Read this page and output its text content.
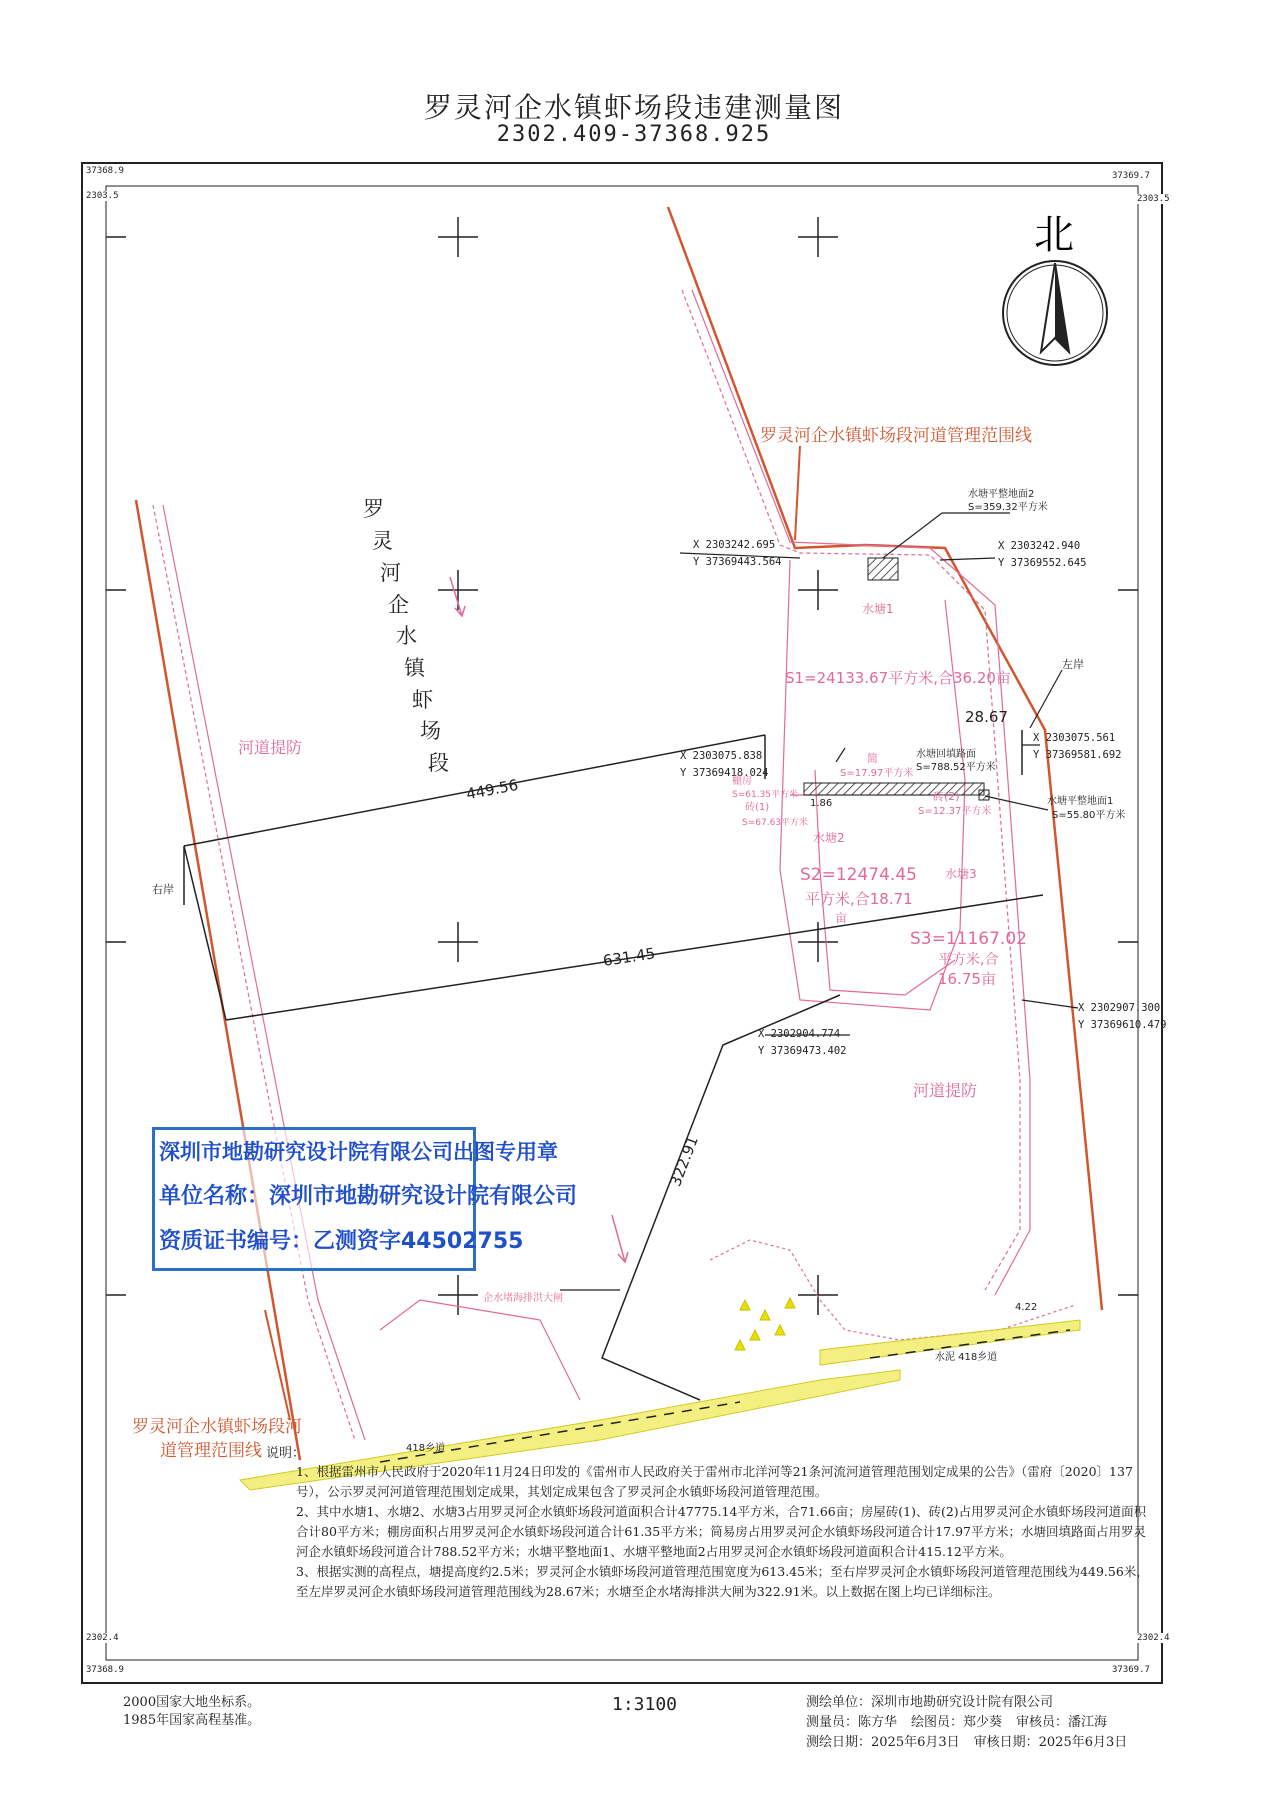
罗灵河企水镇虾场段违建测量图
2302.409-37368.925
北
X 2303242.695
Y 37369443.564
X 2303242.940
Y 37369552.645
X 2303075.838
Y 37369418.024
X 2303075.561
Y 37369581.692
X 2302904.774
Y 37369473.402
X 2302907.300
Y 37369610.479
449.56
631.45
322.91
28.67
水塘1
S1=24133.67平方米,合36.20亩
水塘2
S2=12474.45
平方米,合18.71
亩
水塘3
S3=11167.02
平方米,合
16.75亩
简
S=17.97平方米
砖(2)
S=12.37平方米
棚房
S=61.35平方米
砖(1)
S=67.63平方米
河道提防
河道提防
企水堵海排洪大闸
水塘平整地面2
S=359.32平方米
水塘回填路面
S=788.52平方米
水塘平整地面1
S=55.80平方米
1.86
4.22
右岸
左岸
418乡道
水泥 418乡道
罗灵河企水镇虾场段河道管理范围线
罗灵河企水镇虾场段河
道管理范围线
罗
灵
河
企
水
镇
虾
场
段
37368.9
2303.5
37369.7
2303.5
2302.4
37368.9
2302.4
37369.7
深圳市地勘研究设计院有限公司出图专用章
单位名称：深圳市地勘研究设计院有限公司
资质证书编号：乙测资字44502755
说明：
1、根据雷州市人民政府于2020年11月24日印发的《雷州市人民政府关于雷州市北洋河等21条河流河道管理范围划定成果的公告》（雷府〔2020〕137号），公示罗灵河河道管理范围划定成果，其划定成果包含了罗灵河企水镇虾场段河道管理范围。
2、其中水塘1、水塘2、水塘3占用罗灵河企水镇虾场段河道面积合计47775.14平方米，合71.66亩；房屋砖(1)、砖(2)占用罗灵河企水镇虾场段河道面积合计80平方米；棚房面积占用罗灵河企水镇虾场段河道合计61.35平方米；简易房占用罗灵河企水镇虾场段河道合计17.97平方米；水塘回填路面占用罗灵河企水镇虾场段河道合计788.52平方米；水塘平整地面1、水塘平整地面2占用罗灵河企水镇虾场段河道面积合计415.12平方米。
3、根据实测的高程点，塘提高度约2.5米；罗灵河企水镇虾场段河道管理范围宽度为613.45米；至右岸罗灵河企水镇虾场段河道管理范围线为449.56米，至左岸罗灵河企水镇虾场段河道管理范围线为28.67米；水塘至企水堵海排洪大闸为322.91米。以上数据在图上均已详细标注。
2000国家大地坐标系。
1985年国家高程基准。
1:3100	测绘单位：深圳市地勘研究设计院有限公司
测量员：陈方华 绘图员：郑少葵 审核员：潘江海
测绘日期：2025年6月3日 审核日期：2025年6月3日
